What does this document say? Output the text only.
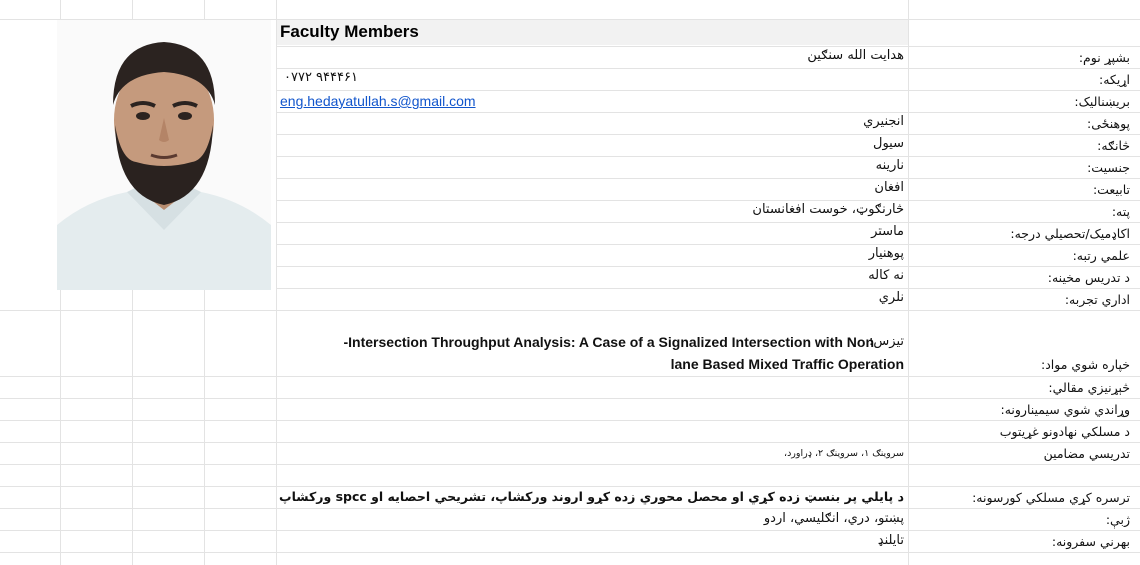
Faculty Members
بشپړ نوم:
هدايت الله سنګين
اړيکه:
۰۷۷۲ ۹۴۴۴۶۱
بريښناليک:
eng.hedayatullah.s@gmail.com
پوهنځی:
انجنيري
څانګه:
سيول
جنسيت:
نارينه
تابيعت:
افغان
پته:
څارنګوټ، خوست افغانستان
اکاډميک/تحصيلي درجه:
ماستر
علمي رتبه:
پوهنيار
د تدريس مخينه:
نه کاله
اداري تجربه:
نلري
خپاره شوي مواد:
تيزس:
-Intersection Throughput Analysis: A Case of a Signalized Intersection with Non
lane Based Mixed Traffic Operation
څېړنيزي مقالي:
وړاندي شوي سيمينارونه:
د مسلکي نهادونو غړيتوب
تدريسي مضامين
سروينګ ۱، سروينګ ۲، ډراورد،
ترسره کړي مسلکي کورسونه:
د پايلي پر بنسټ زده کړي او محصل محوري زده کړو اروند ورکشاپ، تشريحي احصايه او spcc ورکشاپ
ژبې:
پښتو، دري، انګليسي، اردو
بهرني سفرونه:
تايلنډ
